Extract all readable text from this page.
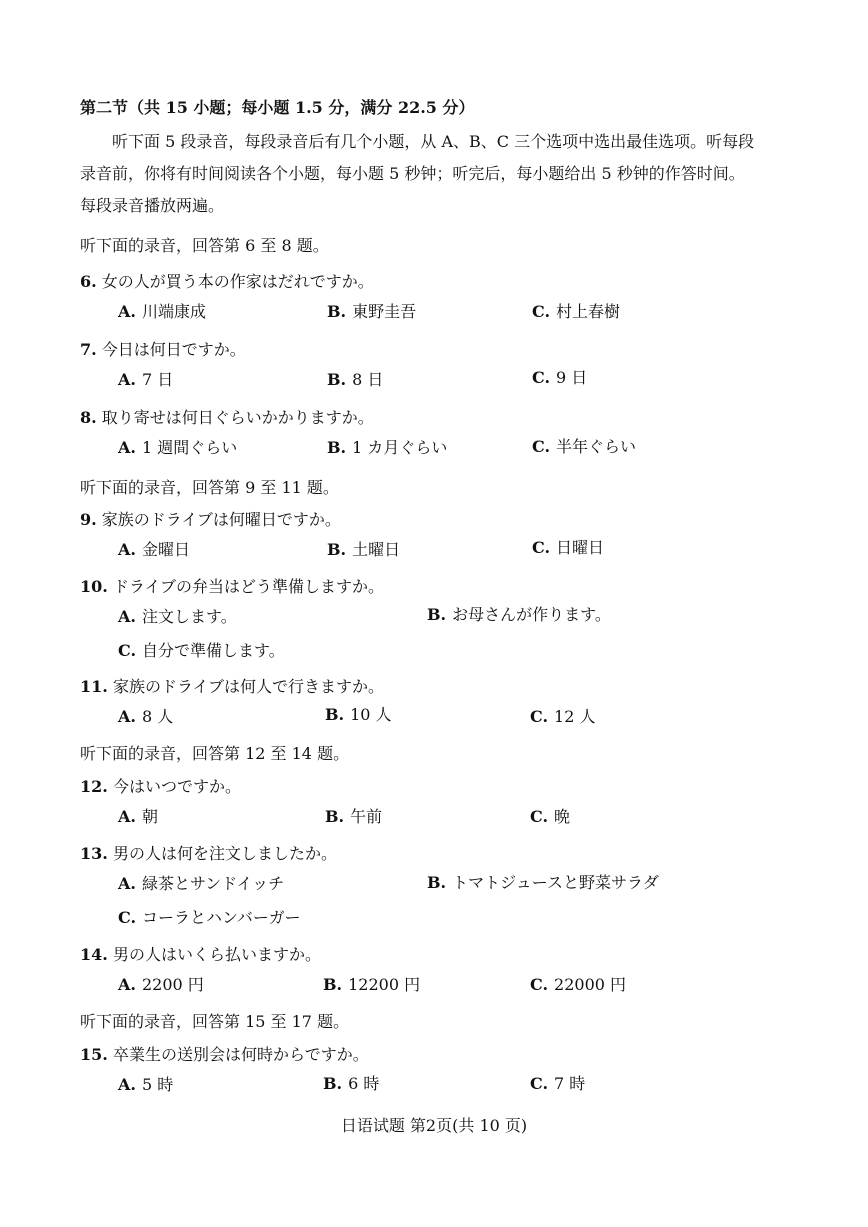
第二节（共 15 小题；每小题 1.5 分，满分 22.5 分）
听下面 5 段录音，每段录音后有几个小题，从 A、B、C 三个选项中选出最佳选项。听每段录音前，你将有时间阅读各个小题，每小题 5 秒钟；听完后，每小题给出 5 秒钟的作答时间。每段录音播放两遍。
听下面的录音，回答第 6 至 8 题。
6. 女の人が買う本の作家はだれですか。
A. 川端康成	B. 東野圭吾	C. 村上春樹
7. 今日は何日ですか。
A. 7 日	B. 8 日	C. 9 日
8. 取り寄せは何日ぐらいかかりますか。
A. 1 週間ぐらい	B. 1 カ月ぐらい	C. 半年ぐらい
听下面的录音，回答第 9 至 11 题。
9. 家族のドライブは何曜日ですか。
A. 金曜日	B. 土曜日	C. 日曜日
10. ドライブの弁当はどう準備しますか。
A. 注文します。	B. お母さんが作ります。
C. 自分で準備します。
11. 家族のドライブは何人で行きますか。
A. 8 人	B. 10 人	C. 12 人
听下面的录音，回答第 12 至 14 题。
12. 今はいつですか。
A. 朝	B. 午前	C. 晩
13. 男の人は何を注文しましたか。
A. 緑茶とサンドイッチ	B. トマトジュースと野菜サラダ
C. コーラとハンバーガー
14. 男の人はいくら払いますか。
A. 2200 円	B. 12200 円	C. 22000 円
听下面的录音，回答第 15 至 17 题。
15. 卒業生の送別会は何時からですか。
A. 5 時	B. 6 時	C. 7 時
日语试题 第2页(共 10 页)
